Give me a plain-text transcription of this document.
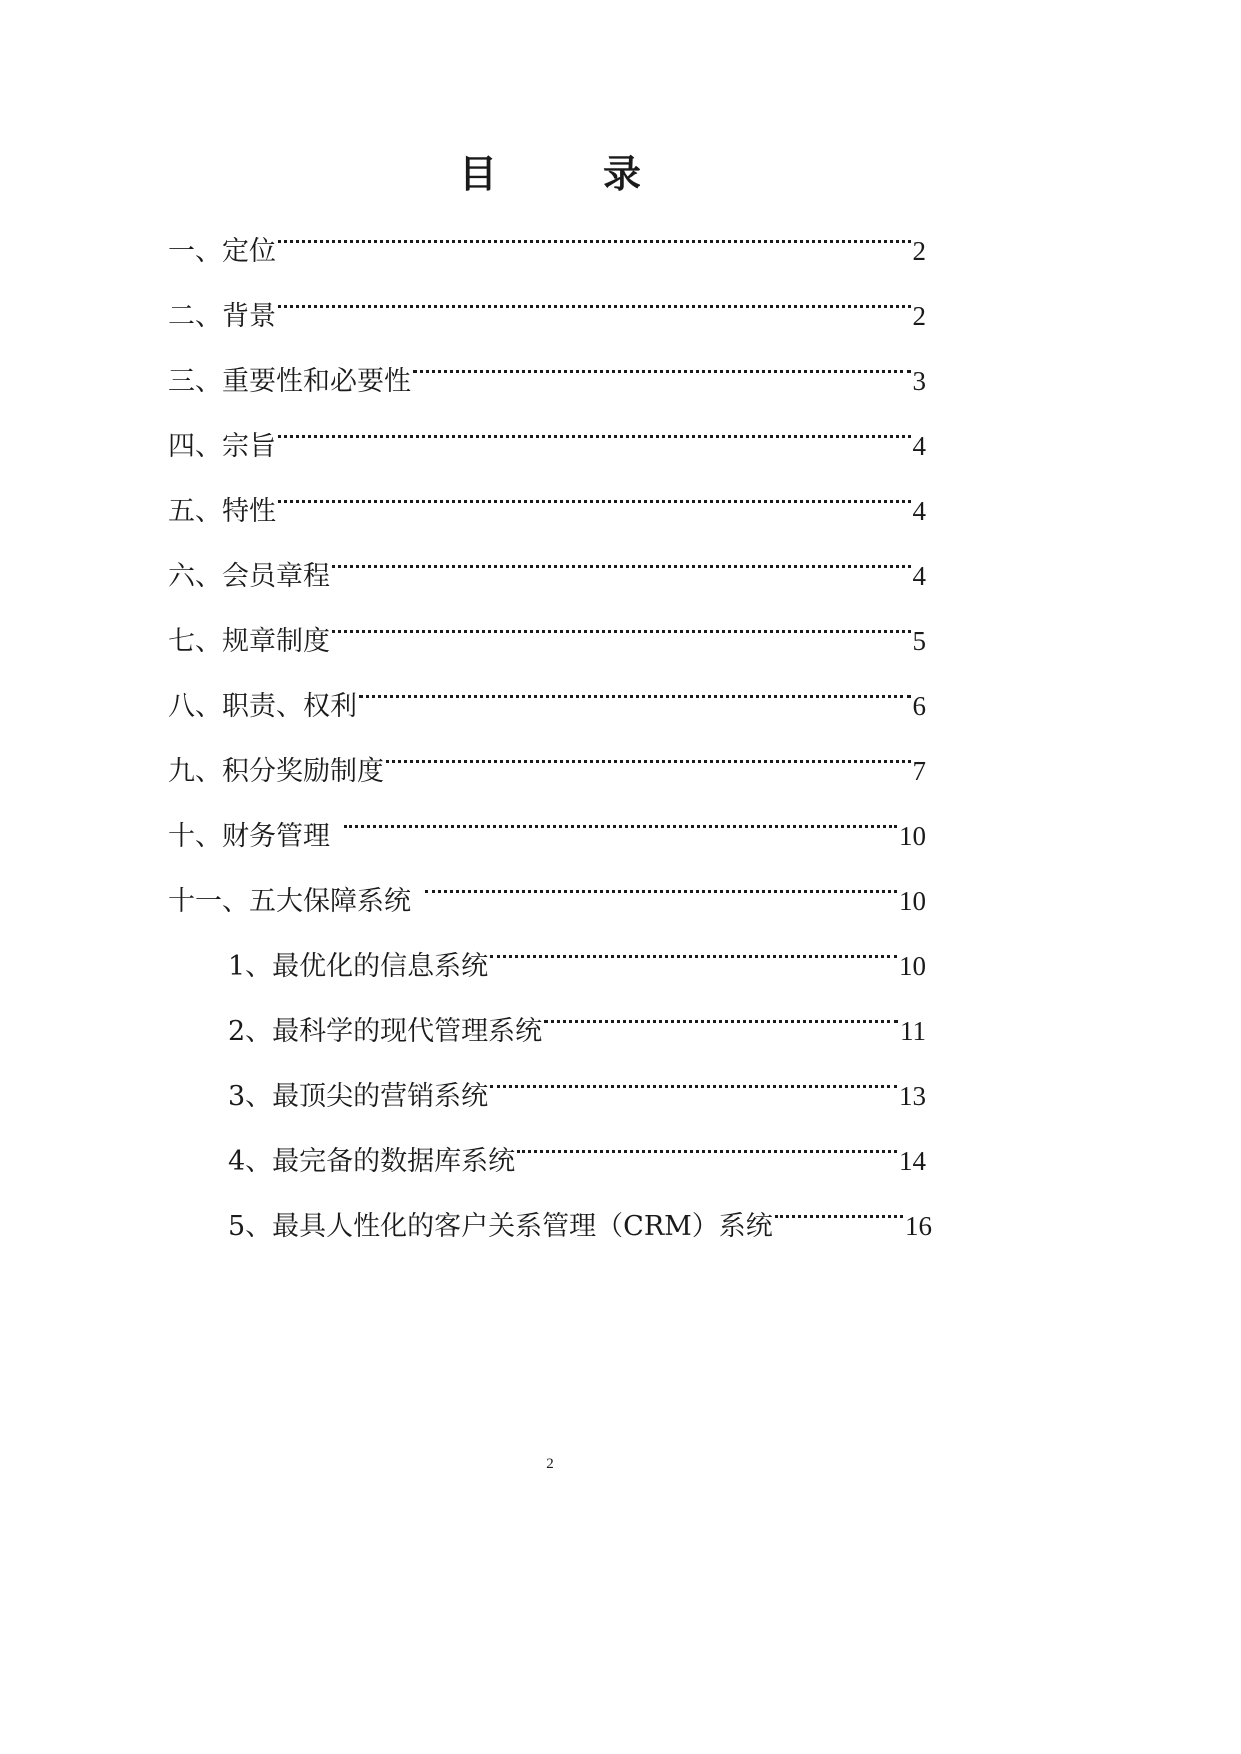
目　录
一、定位	2
二、背景	2
三、重要性和必要性	3
四、宗旨	4
五、特性	4
六、会员章程	4
七、规章制度	5
八、职责、权利	6
九、积分奖励制度	7
十、财务管理	10
十一、五大保障系统	10
1、最优化的信息系统	10
2、最科学的现代管理系统	11
3、最顶尖的营销系统	13
4、最完备的数据库系统	14
5、最具人性化的客户关系管理（CRM）系统	16
2
